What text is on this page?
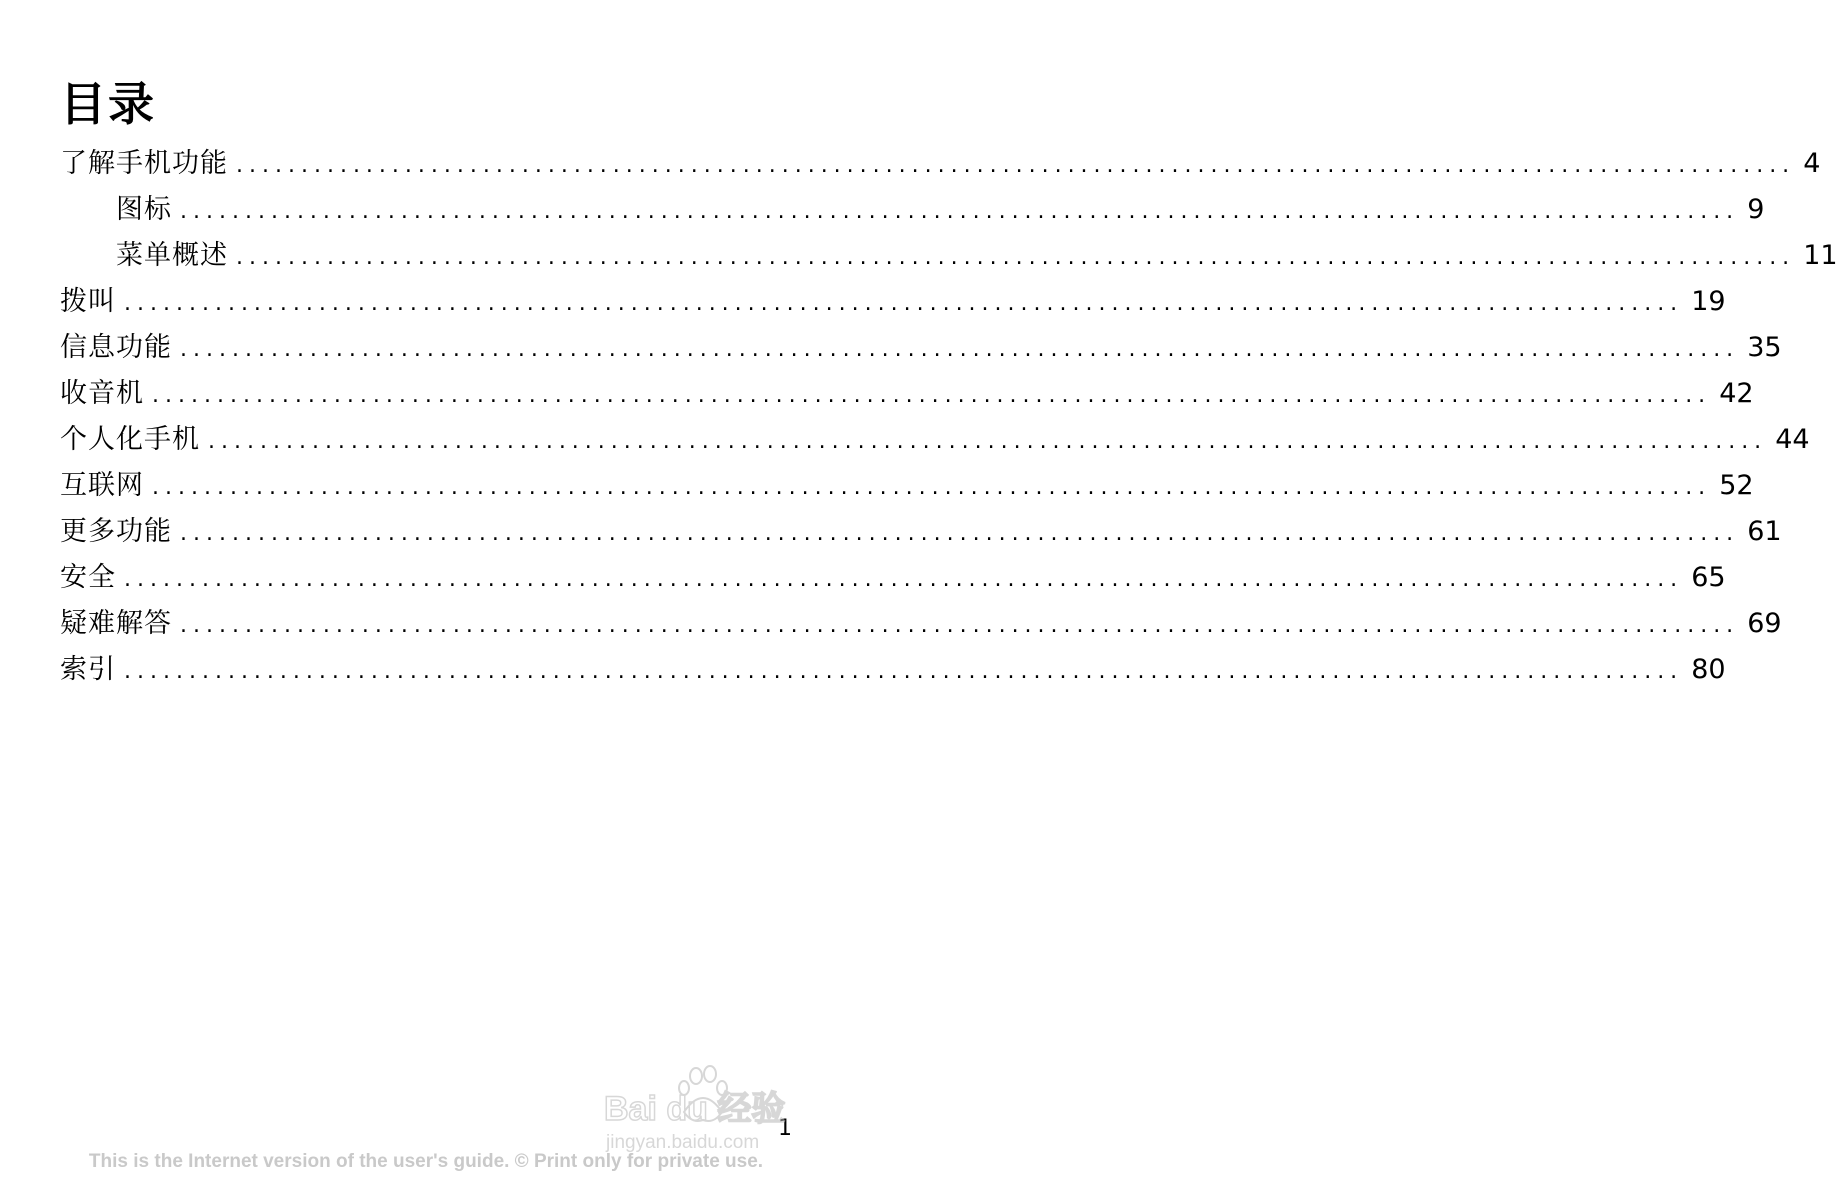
目录
了解手机功能 ........................................................................................................................ 4
图标 ........................................................................................................................ 9
菜单概述 ........................................................................................................................ 11
拨叫 ........................................................................................................................ 19
信息功能 ........................................................................................................................ 35
收音机 ........................................................................................................................ 42
个人化手机 ........................................................................................................................ 44
互联网 ........................................................................................................................ 52
更多功能 ........................................................................................................................ 61
安全 ........................................................................................................................ 65
疑难解答 ........................................................................................................................ 69
索引 ........................................................................................................................ 80
1
This is the Internet version of the user's guide. © Print only for private use.
Bai du 经验
jingyan.baidu.com
